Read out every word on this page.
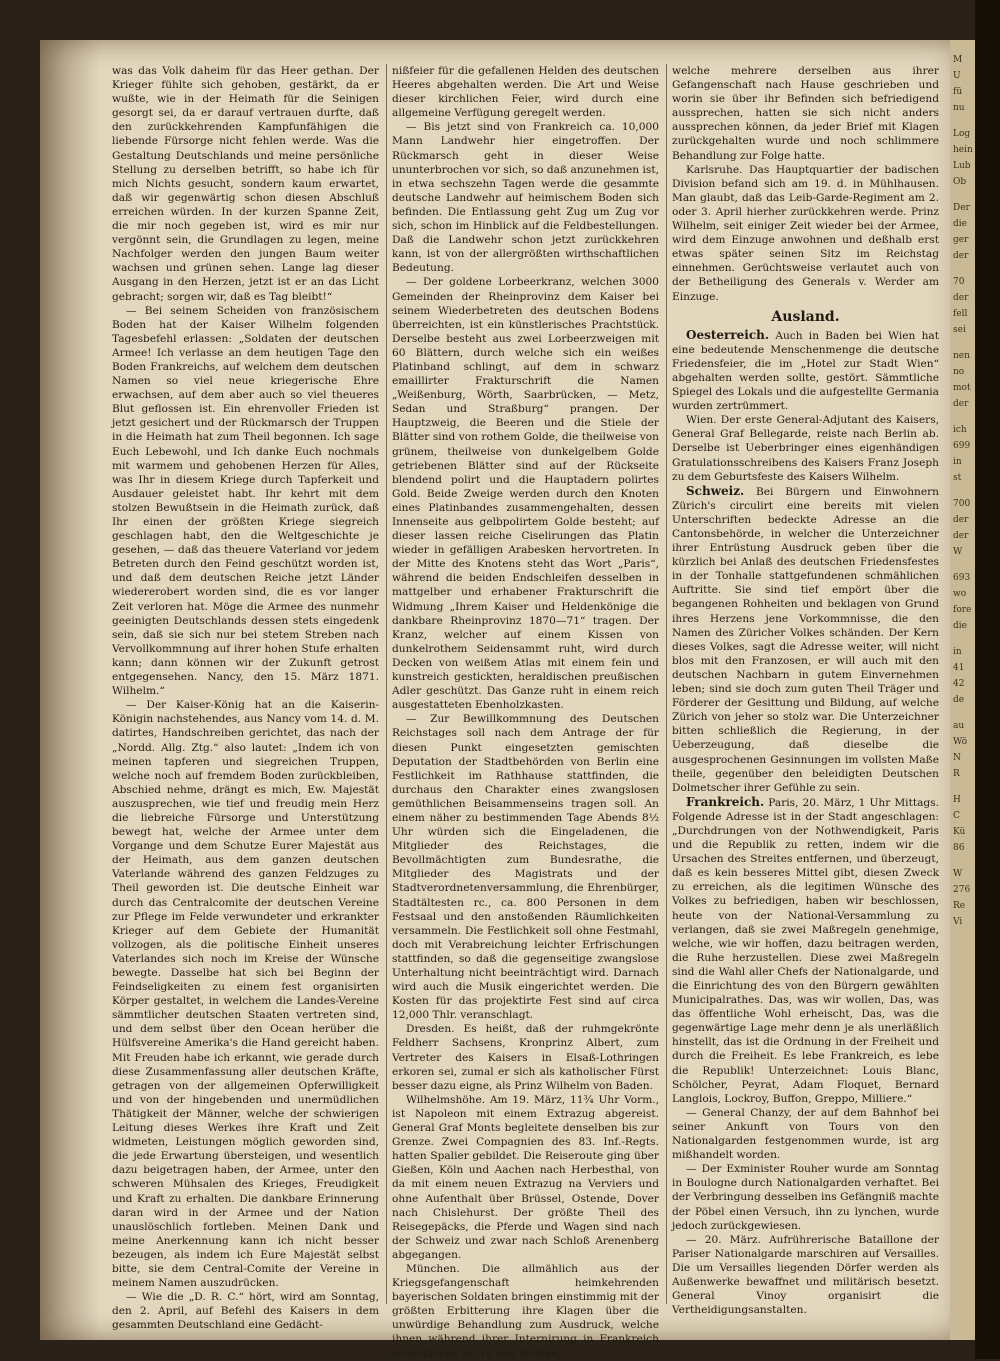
was das Volk daheim für das Heer gethan. Der Krieger fühlte sich gehoben, gestärkt, da er wußte, wie in der Heimath für die Seinigen gesorgt sei, da er darauf vertrauen durfte, daß den zurückkehrenden Kampfunfähigen die liebende Fürsorge nicht fehlen werde. Was die Gestaltung Deutschlands und meine persönliche Stellung zu derselben betrifft, so habe ich für mich Nichts gesucht, sondern kaum erwartet, daß wir gegenwärtig schon diesen Abschluß erreichen würden. In der kurzen Spanne Zeit, die mir noch gegeben ist, wird es mir nur vergönnt sein, die Grundlagen zu legen, meine Nachfolger werden den jungen Baum weiter wachsen und grünen sehen. Lange lag dieser Ausgang in den Herzen, jetzt ist er an das Licht gebracht; sorgen wir, daß es Tag bleibt!“

— Bei seinem Scheiden von französischem Boden hat der Kaiser Wilhelm folgenden Tagesbefehl erlassen: „Soldaten der deutschen Armee! Ich verlasse an dem heutigen Tage den Boden Frankreichs, auf welchem dem deutschen Namen so viel neue kriegerische Ehre erwachsen, auf dem aber auch so viel theueres Blut geflossen ist. Ein ehrenvoller Frieden ist jetzt gesichert und der Rückmarsch der Truppen in die Heimath hat zum Theil begonnen. Ich sage Euch Lebewohl, und Ich danke Euch nochmals mit warmem und gehobenen Herzen für Alles, was Ihr in diesem Kriege durch Tapferkeit und Ausdauer geleistet habt. Ihr kehrt mit dem stolzen Bewußtsein in die Heimath zurück, daß Ihr einen der größten Kriege siegreich geschlagen habt, den die Weltgeschichte je gesehen, — daß das theuere Vaterland vor jedem Betreten durch den Feind geschützt worden ist, und daß dem deutschen Reiche jetzt Länder wiedererobert worden sind, die es vor langer Zeit verloren hat. Möge die Armee des nunmehr geeinigten Deutschlands dessen stets eingedenk sein, daß sie sich nur bei stetem Streben nach Vervollkommnung auf ihrer hohen Stufe erhalten kann; dann können wir der Zukunft getrost entgegensehen. Nancy, den 15. März 1871. Wilhelm.“

— Der Kaiser-König hat an die Kaiserin-Königin nachstehendes, aus Nancy vom 14. d. M. datirtes, Handschreiben gerichtet, das nach der „Nordd. Allg. Ztg.“ also lautet: „Indem ich von meinen tapferen und siegreichen Truppen, welche noch auf fremdem Boden zurückbleiben, Abschied nehme, drängt es mich, Ew. Majestät auszusprechen, wie tief und freudig mein Herz die liebreiche Fürsorge und Unterstützung bewegt hat, welche der Armee unter dem Vorgange und dem Schutze Eurer Majestät aus der Heimath, aus dem ganzen deutschen Vaterlande während des ganzen Feldzuges zu Theil geworden ist. Die deutsche Einheit war durch das Centralcomite der deutschen Vereine zur Pflege im Felde verwundeter und erkrankter Krieger auf dem Gebiete der Humanität vollzogen, als die politische Einheit unseres Vaterlandes sich noch im Kreise der Wünsche bewegte. Dasselbe hat sich bei Beginn der Feindseligkeiten zu einem fest organisirten Körper gestaltet, in welchem die Landes-Vereine sämmtlicher deutschen Staaten vertreten sind, und dem selbst über den Ocean herüber die Hülfsvereine Amerika's die Hand gereicht haben. Mit Freuden habe ich erkannt, wie gerade durch diese Zusammenfassung aller deutschen Kräfte, getragen von der allgemeinen Opferwilligkeit und von der hingebenden und unermüdlichen Thätigkeit der Männer, welche der schwierigen Leitung dieses Werkes ihre Kraft und Zeit widmeten, Leistungen möglich geworden sind, die jede Erwartung übersteigen, und wesentlich dazu beigetragen haben, der Armee, unter den schweren Mühsalen des Krieges, Freudigkeit und Kraft zu erhalten. Die dankbare Erinnerung daran wird in der Armee und der Nation unauslöschlich fortleben. Meinen Dank und meine Anerkennung kann ich nicht besser bezeugen, als indem ich Eure Majestät selbst bitte, sie dem Central-Comite der Vereine in meinem Namen auszudrücken.

— Wie die „D. R. C.“ hört, wird am Sonntag, den 2. April, auf Befehl des Kaisers in dem gesammten Deutschland eine Gedächt-

nißfeier für die gefallenen Helden des deutschen Heeres abgehalten werden. Die Art und Weise dieser kirchlichen Feier, wird durch eine allgemeine Verfügung geregelt werden.

— Bis jetzt sind von Frankreich ca. 10,000 Mann Landwehr hier eingetroffen. Der Rückmarsch geht in dieser Weise ununterbrochen vor sich, so daß anzunehmen ist, in etwa sechszehn Tagen werde die gesammte deutsche Landwehr auf heimischem Boden sich befinden. Die Entlassung geht Zug um Zug vor sich, schon im Hinblick auf die Feldbestellungen. Daß die Landwehr schon jetzt zurückkehren kann, ist von der allergrößten wirthschaftlichen Bedeutung.

— Der goldene Lorbeerkranz, welchen 3000 Gemeinden der Rheinprovinz dem Kaiser bei seinem Wiederbetreten des deutschen Bodens überreichten, ist ein künstlerisches Prachtstück. Derselbe besteht aus zwei Lorbeerzweigen mit 60 Blättern, durch welche sich ein weißes Platinband schlingt, auf dem in schwarz emaillirter Frakturschrift die Namen „Weißenburg, Wörth, Saarbrücken, — Metz, Sedan und Straßburg“ prangen. Der Hauptzweig, die Beeren und die Stiele der Blätter sind von rothem Golde, die theilweise von grünem, theilweise von dunkelgelbem Golde getriebenen Blätter sind auf der Rückseite blendend polirt und die Hauptadern polirtes Gold. Beide Zweige werden durch den Knoten eines Platinbandes zusammengehalten, dessen Innenseite aus gelbpolirtem Golde besteht; auf dieser lassen reiche Ciselirungen das Platin wieder in gefälligen Arabesken hervortreten. In der Mitte des Knotens steht das Wort „Paris“, während die beiden Endschleifen desselben in mattgelber und erhabener Frakturschrift die Widmung „Ihrem Kaiser und Heldenkönige die dankbare Rheinprovinz 1870—71“ tragen. Der Kranz, welcher auf einem Kissen von dunkelrothem Seidensammt ruht, wird durch Decken von weißem Atlas mit einem fein und kunstreich gestickten, heraldischen preußischen Adler geschützt. Das Ganze ruht in einem reich ausgestatteten Ebenholzkasten.

— Zur Bewillkommnung des Deutschen Reichstages soll nach dem Antrage der für diesen Punkt eingesetzten gemischten Deputation der Stadtbehörden von Berlin eine Festlichkeit im Rathhause stattfinden, die durchaus den Charakter eines zwangslosen gemüthlichen Beisammenseins tragen soll. An einem näher zu bestimmenden Tage Abends 8½ Uhr würden sich die Eingeladenen, die Mitglieder des Reichstages, die Bevollmächtigten zum Bundesrathe, die Mitglieder des Magistrats und der Stadtverordnetenversammlung, die Ehrenbürger, Stadtältesten rc., ca. 800 Personen in dem Festsaal und den anstoßenden Räumlichkeiten versammeln. Die Festlichkeit soll ohne Festmahl, doch mit Verabreichung leichter Erfrischungen stattfinden, so daß die gegenseitige zwangslose Unterhaltung nicht beeinträchtigt wird. Darnach wird auch die Musik eingerichtet werden. Die Kosten für das projektirte Fest sind auf circa 12,000 Thlr. veranschlagt.

Dresden. Es heißt, daß der ruhmgekrönte Feldherr Sachsens, Kronprinz Albert, zum Vertreter des Kaisers in Elsaß-Lothringen erkoren sei, zumal er sich als katholischer Fürst besser dazu eigne, als Prinz Wilhelm von Baden.

Wilhelmshöhe. Am 19. März, 11¾ Uhr Vorm., ist Napoleon mit einem Extrazug abgereist. General Graf Monts begleitete denselben bis zur Grenze. Zwei Compagnien des 83. Inf.-Regts. hatten Spalier gebildet. Die Reiseroute ging über Gießen, Köln und Aachen nach Herbesthal, von da mit einem neuen Extrazug na Verviers und ohne Aufenthalt über Brüssel, Ostende, Dover nach Chislehurst. Der größte Theil des Reisegepäcks, die Pferde und Wagen sind nach der Schweiz und zwar nach Schloß Arenenberg abgegangen.

München. Die allmählich aus der Kriegsgefangenschaft heimkehrenden bayerischen Soldaten bringen einstimmig mit der größten Erbitterung ihre Klagen über die unwürdige Behandlung zum Ausdruck, welche ihnen während ihrer Internirung in Frankreich widerfahren ist. In den Briefen,

welche mehrere derselben aus ihrer Gefangenschaft nach Hause geschrieben und worin sie über ihr Befinden sich befriedigend aussprechen, hatten sie sich nicht anders aussprechen können, da jeder Brief mit Klagen zurückgehalten wurde und noch schlimmere Behandlung zur Folge hatte.

Karlsruhe. Das Hauptquartier der badischen Division befand sich am 19. d. in Mühlhausen. Man glaubt, daß das Leib-Garde-Regiment am 2. oder 3. April hierher zurückkehren werde. Prinz Wilhelm, seit einiger Zeit wieder bei der Armee, wird dem Einzuge anwohnen und deßhalb erst etwas später seinen Sitz im Reichstag einnehmen. Gerüchtsweise verlautet auch von der Betheiligung des Generals v. Werder am Einzuge.

Ausland.

Oesterreich. Auch in Baden bei Wien hat eine bedeutende Menschenmenge die deutsche Friedensfeier, die im „Hotel zur Stadt Wien“ abgehalten werden sollte, gestört. Sämmtliche Spiegel des Lokals und die aufgestellte Germania wurden zertrümmert.

Wien. Der erste General-Adjutant des Kaisers, General Graf Bellegarde, reiste nach Berlin ab. Derselbe ist Ueberbringer eines eigenhändigen Gratulationsschreibens des Kaisers Franz Joseph zu dem Geburtsfeste des Kaisers Wilhelm.

Schweiz. Bei Bürgern und Einwohnern Zürich's circulirt eine bereits mit vielen Unterschriften bedeckte Adresse an die Cantonsbehörde, in welcher die Unterzeichner ihrer Entrüstung Ausdruck geben über die kürzlich bei Anlaß des deutschen Friedensfestes in der Tonhalle stattgefundenen schmählichen Auftritte. Sie sind tief empört über die begangenen Rohheiten und beklagen von Grund ihres Herzens jene Vorkommnisse, die den Namen des Züricher Volkes schänden. Der Kern dieses Volkes, sagt die Adresse weiter, will nicht blos mit den Franzosen, er will auch mit den deutschen Nachbarn in gutem Einvernehmen leben; sind sie doch zum guten Theil Träger und Förderer der Gesittung und Bildung, auf welche Zürich von jeher so stolz war. Die Unterzeichner bitten schließlich die Regierung, in der Ueberzeugung, daß dieselbe die ausgesprochenen Gesinnungen im vollsten Maße theile, gegenüber den beleidigten Deutschen Dolmetscher ihrer Gefühle zu sein.

Frankreich. Paris, 20. März, 1 Uhr Mittags. Folgende Adresse ist in der Stadt angeschlagen: „Durchdrungen von der Nothwendigkeit, Paris und die Republik zu retten, indem wir die Ursachen des Streites entfernen, und überzeugt, daß es kein besseres Mittel gibt, diesen Zweck zu erreichen, als die legitimen Wünsche des Volkes zu befriedigen, haben wir beschlossen, heute von der National-Versammlung zu verlangen, daß sie zwei Maßregeln genehmige, welche, wie wir hoffen, dazu beitragen werden, die Ruhe herzustellen. Diese zwei Maßregeln sind die Wahl aller Chefs der Nationalgarde, und die Einrichtung des von den Bürgern gewählten Municipalrathes. Das, was wir wollen, Das, was das öffentliche Wohl erheischt, Das, was die gegenwärtige Lage mehr denn je als unerläßlich hinstellt, das ist die Ordnung in der Freiheit und durch die Freiheit. Es lebe Frankreich, es lebe die Republik! Unterzeichnet: Louis Blanc, Schölcher, Peyrat, Adam Floquet, Bernard Langlois, Lockroy, Buffon, Greppo, Milliere.“

— General Chanzy, der auf dem Bahnhof bei seiner Ankunft von Tours von den Nationalgarden festgenommen wurde, ist arg mißhandelt worden.

— Der Exminister Rouher wurde am Sonntag in Boulogne durch Nationalgarden verhaftet. Bei der Verbringung desselben ins Gefängniß machte der Pöbel einen Versuch, ihn zu lynchen, wurde jedoch zurückgewiesen.

— 20. März. Aufrührerische Bataillone der Pariser Nationalgarde marschiren auf Versailles. Die um Versailles liegenden Dörfer werden als Außenwerke bewaffnet und militärisch besetzt. General Vinoy organisirt die Vertheidigungsanstalten.

M
U
fü
nu
Log
hein
Lub
Ob
Der
die
ger
der
70
der
fell
sei
nen
no
mot
der
ich
699
in
st
700
der
der
W
693
wo
fore
die
in
41
42
de
au
Wö
N
R
H
C
Kü
86
W
276
Re
Vi
